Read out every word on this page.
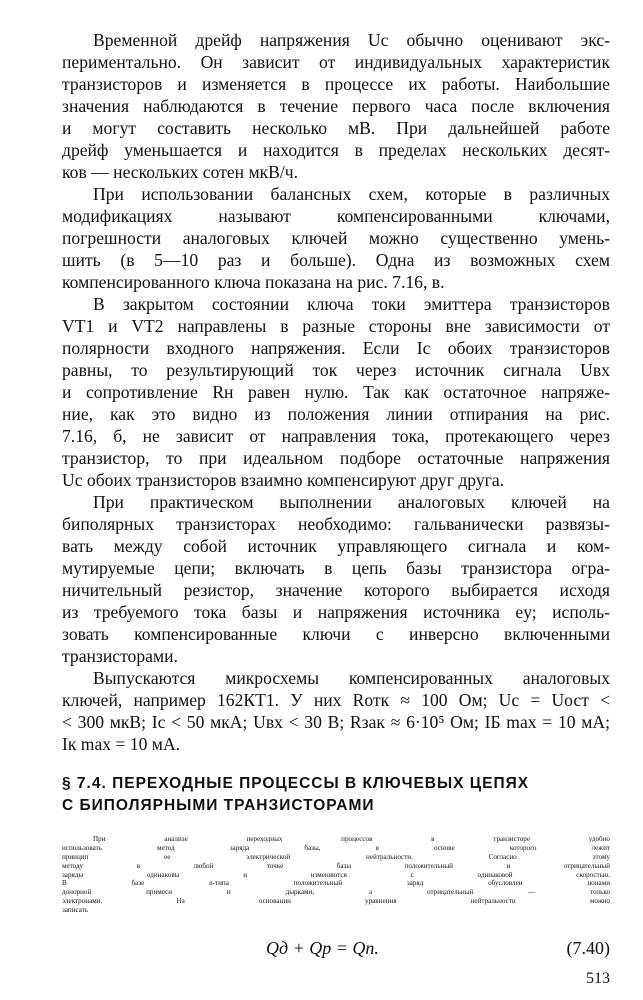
Временной дрейф напряжения Uс обычно оценивают экс-

периментально. Он зависит от индивидуальных характеристик

транзисторов и изменяется в процессе их работы. Наибольшие

значения наблюдаются в течение первого часа после включения

и могут составить несколько мВ. При дальнейшей работе

дрейф уменьшается и находится в пределах нескольких десят-

ков — нескольких сотен мкВ/ч.

При использовании балансных схем, которые в различных

модификациях называют компенсированными ключами,

погрешности аналоговых ключей можно существенно умень-

шить (в 5—10 раз и больше). Одна из возможных схем

компенсированного ключа показана на рис. 7.16, в.

В закрытом состоянии ключа токи эмиттера транзисторов

VT1 и VT2 направлены в разные стороны вне зависимости от

полярности входного напряжения. Если Iс обоих транзисторов

равны, то результирующий ток через источник сигнала Uвх

и сопротивление Rн равен нулю. Так как остаточное напряже-

ние, как это видно из положения линии отпирания на рис.

7.16, б, не зависит от направления тока, протекающего через

транзистор, то при идеальном подборе остаточные напряжения

Uс обоих транзисторов взаимно компенсируют друг друга.

При практическом выполнении аналоговых ключей на

биполярных транзисторах необходимо: гальванически развязы-

вать между собой источник управляющего сигнала и ком-

мутируемые цепи; включать в цепь базы транзистора огра-

ничительный резистор, значение которого выбирается исходя

из требуемого тока базы и напряжения источника eу; исполь-

зовать компенсированные ключи с инверсно включенными

транзисторами.

Выпускаются микросхемы компенсированных аналоговых

ключей, например 162КТ1. У них Rотк ≈ 100 Ом; Uс = Uост <

< 300 мкВ; Iс < 50 мкА; Uвх < 30 В; Rзак ≈ 6·10⁵ Ом; IБ max = 10 мА;

Iк max = 10 мА.

§ 7.4. ПЕРЕХОДНЫЕ ПРОЦЕССЫ В КЛЮЧЕВЫХ ЦЕПЯХ
С БИПОЛЯРНЫМИ ТРАНЗИСТОРАМИ

При анализе переходных процессов в транзисторе удобно

использовать метод заряда базы, в основе которого лежит

принцип ее электрической нейтральности. Согласно этому

методу в любой точке базы положительный и отрицательный

заряды одинаковы и изменяются с одинаковой скоростью.

В базе n-типа положительный заряд обусловлен ионами

донорной примеси и дырками, а отрицательный — только

электронами. На основании уравнения нейтральности можно

записать

Qд + Qp = Qn.	(7.40)
513
